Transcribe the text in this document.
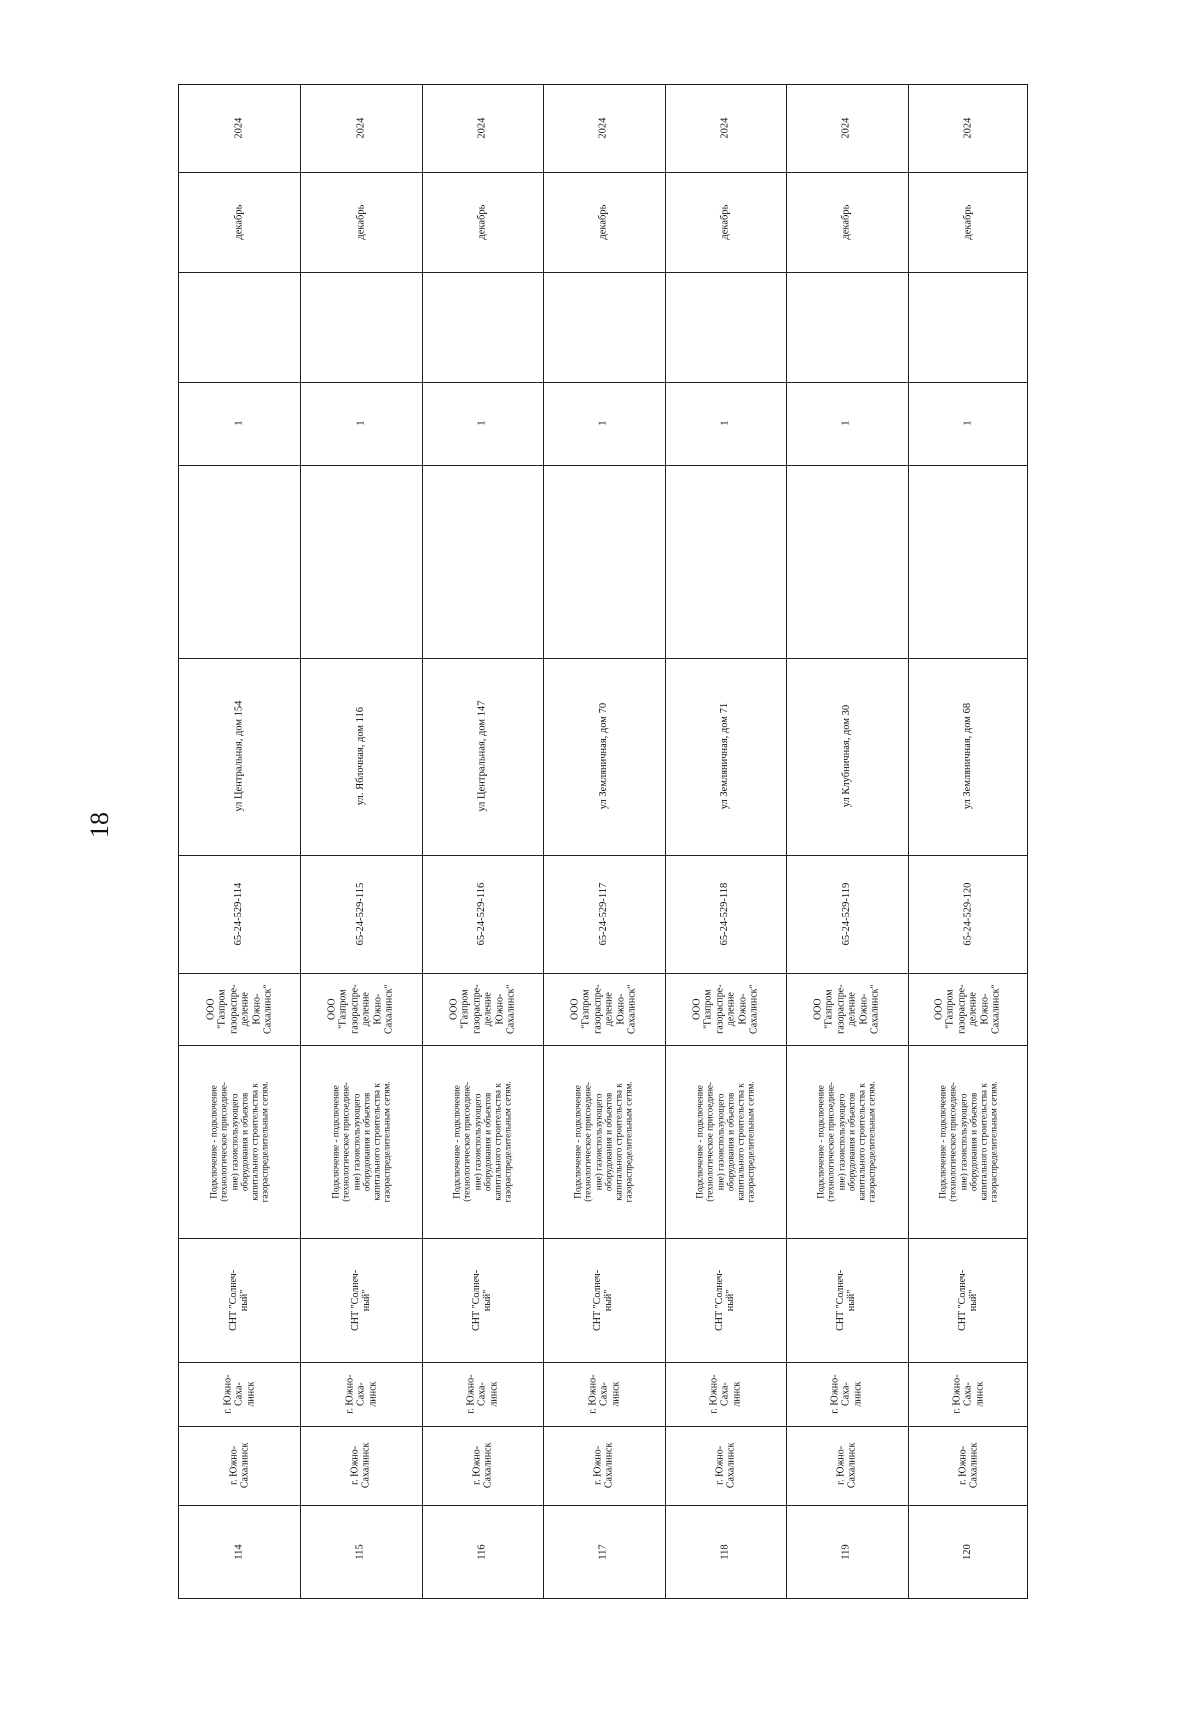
18
2024
декабрь
1
ул Центральная, дом 154
65-24-529-114
ООО
"Газпром
газораспре-
деление
Южно-
Сахалинск"
Подключение - подключение
(технологическое присоедине-
ние) газоиспользующего
оборудования и объектов
капитального строительства к
газораспределительным сетям.
СНТ "Солнеч-
ный"
г. Южно-
Саха-
линск
г. Южно-
Сахалинск
114
2024
декабрь
1
ул. Яблочная, дом 116
65-24-529-115
ООО
"Газпром
газораспре-
деление
Южно-
Сахалинск"
Подключение - подключение
(технологическое присоедине-
ние) газоиспользующего
оборудования и объектов
капитального строительства к
газораспределительным сетям.
СНТ "Солнеч-
ный"
г. Южно-
Саха-
линск
г. Южно-
Сахалинск
115
2024
декабрь
1
ул Центральная, дом 147
65-24-529-116
ООО
"Газпром
газораспре-
деление
Южно-
Сахалинск"
Подключение - подключение
(технологическое присоедине-
ние) газоиспользующего
оборудования и объектов
капитального строительства к
газораспределительным сетям.
СНТ "Солнеч-
ный"
г. Южно-
Саха-
линск
г. Южно-
Сахалинск
116
2024
декабрь
1
ул Земляничная, дом 70
65-24-529-117
ООО
"Газпром
газораспре-
деление
Южно-
Сахалинск"
Подключение - подключение
(технологическое присоедине-
ние) газоиспользующего
оборудования и объектов
капитального строительства к
газораспределительным сетям.
СНТ "Солнеч-
ный"
г. Южно-
Саха-
линск
г. Южно-
Сахалинск
117
2024
декабрь
1
ул Земляничная, дом 71
65-24-529-118
ООО
"Газпром
газораспре-
деление
Южно-
Сахалинск"
Подключение - подключение
(технологическое присоедине-
ние) газоиспользующего
оборудования и объектов
капитального строительства к
газораспределительным сетям.
СНТ "Солнеч-
ный"
г. Южно-
Саха-
линск
г. Южно-
Сахалинск
118
2024
декабрь
1
ул Клубничная, дом 30
65-24-529-119
ООО
"Газпром
газораспре-
деление
Южно-
Сахалинск"
Подключение - подключение
(технологическое присоедине-
ние) газоиспользующего
оборудования и объектов
капитального строительства к
газораспределительным сетям.
СНТ "Солнеч-
ный"
г. Южно-
Саха-
линск
г. Южно-
Сахалинск
119
2024
декабрь
1
ул Земляничная, дом 68
65-24-529-120
ООО
"Газпром
газораспре-
деление
Южно-
Сахалинск"
Подключение - подключение
(технологическое присоедине-
ние) газоиспользующего
оборудования и объектов
капитального строительства к
газораспределительным сетям.
СНТ "Солнеч-
ный"
г. Южно-
Саха-
линск
г. Южно-
Сахалинск
120
